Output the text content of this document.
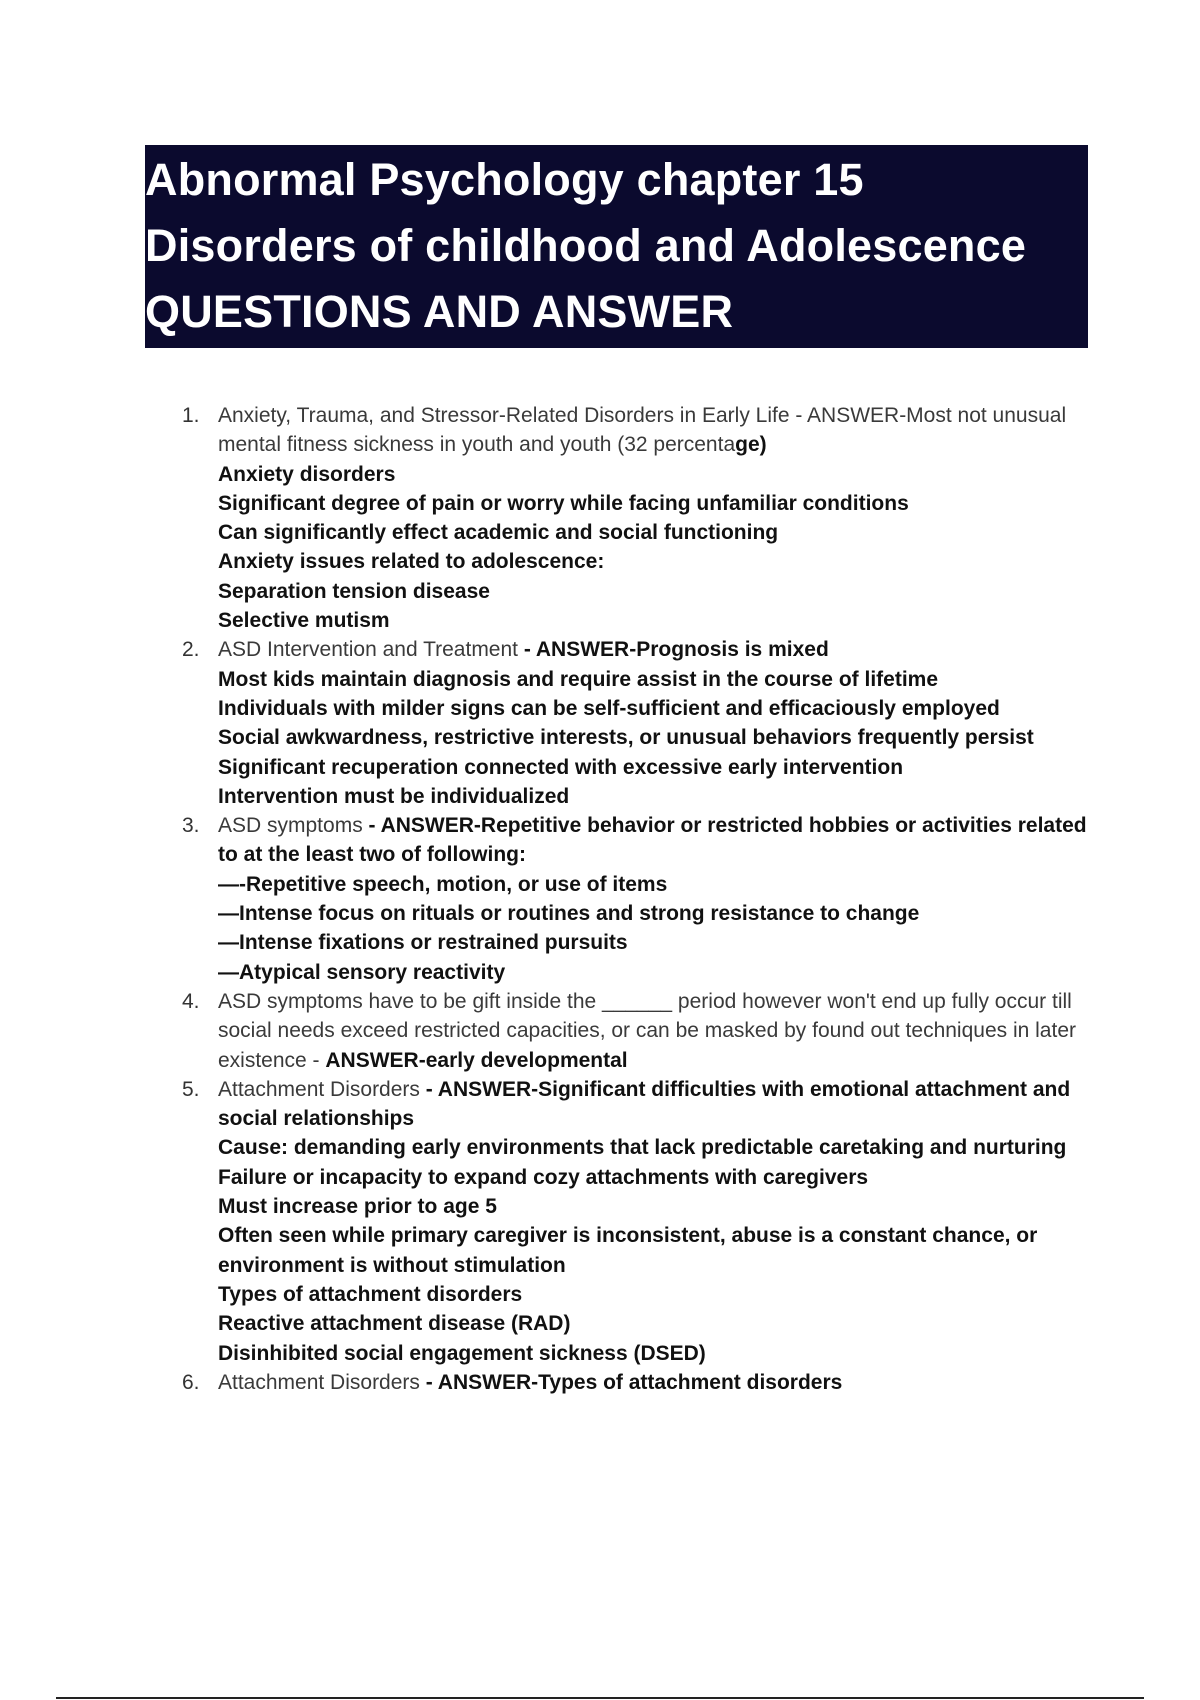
Abnormal Psychology chapter 15
Disorders of childhood and Adolescence
QUESTIONS AND ANSWER
1. Anxiety, Trauma, and Stressor-Related Disorders in Early Life - ANSWER-Most not unusual mental fitness sickness in youth and youth (32 percentage)
Anxiety disorders
Significant degree of pain or worry while facing unfamiliar conditions
Can significantly effect academic and social functioning
Anxiety issues related to adolescence:
Separation tension disease
Selective mutism
2. ASD Intervention and Treatment - ANSWER-Prognosis is mixed
Most kids maintain diagnosis and require assist in the course of lifetime
Individuals with milder signs can be self-sufficient and efficaciously employed
Social awkwardness, restrictive interests, or unusual behaviors frequently persist
Significant recuperation connected with excessive early intervention
Intervention must be individualized
3. ASD symptoms - ANSWER-Repetitive behavior or restricted hobbies or activities related to at the least two of following:
—-Repetitive speech, motion, or use of items
—Intense focus on rituals or routines and strong resistance to change
—Intense fixations or restrained pursuits
—Atypical sensory reactivity
4. ASD symptoms have to be gift inside the ______ period however won't end up fully occur till social needs exceed restricted capacities, or can be masked by found out techniques in later existence - ANSWER-early developmental
5. Attachment Disorders - ANSWER-Significant difficulties with emotional attachment and social relationships
Cause: demanding early environments that lack predictable caretaking and nurturing
Failure or incapacity to expand cozy attachments with caregivers
Must increase prior to age 5
Often seen while primary caregiver is inconsistent, abuse is a constant chance, or environment is without stimulation
Types of attachment disorders
Reactive attachment disease (RAD)
Disinhibited social engagement sickness (DSED)
6. Attachment Disorders - ANSWER-Types of attachment disorders
